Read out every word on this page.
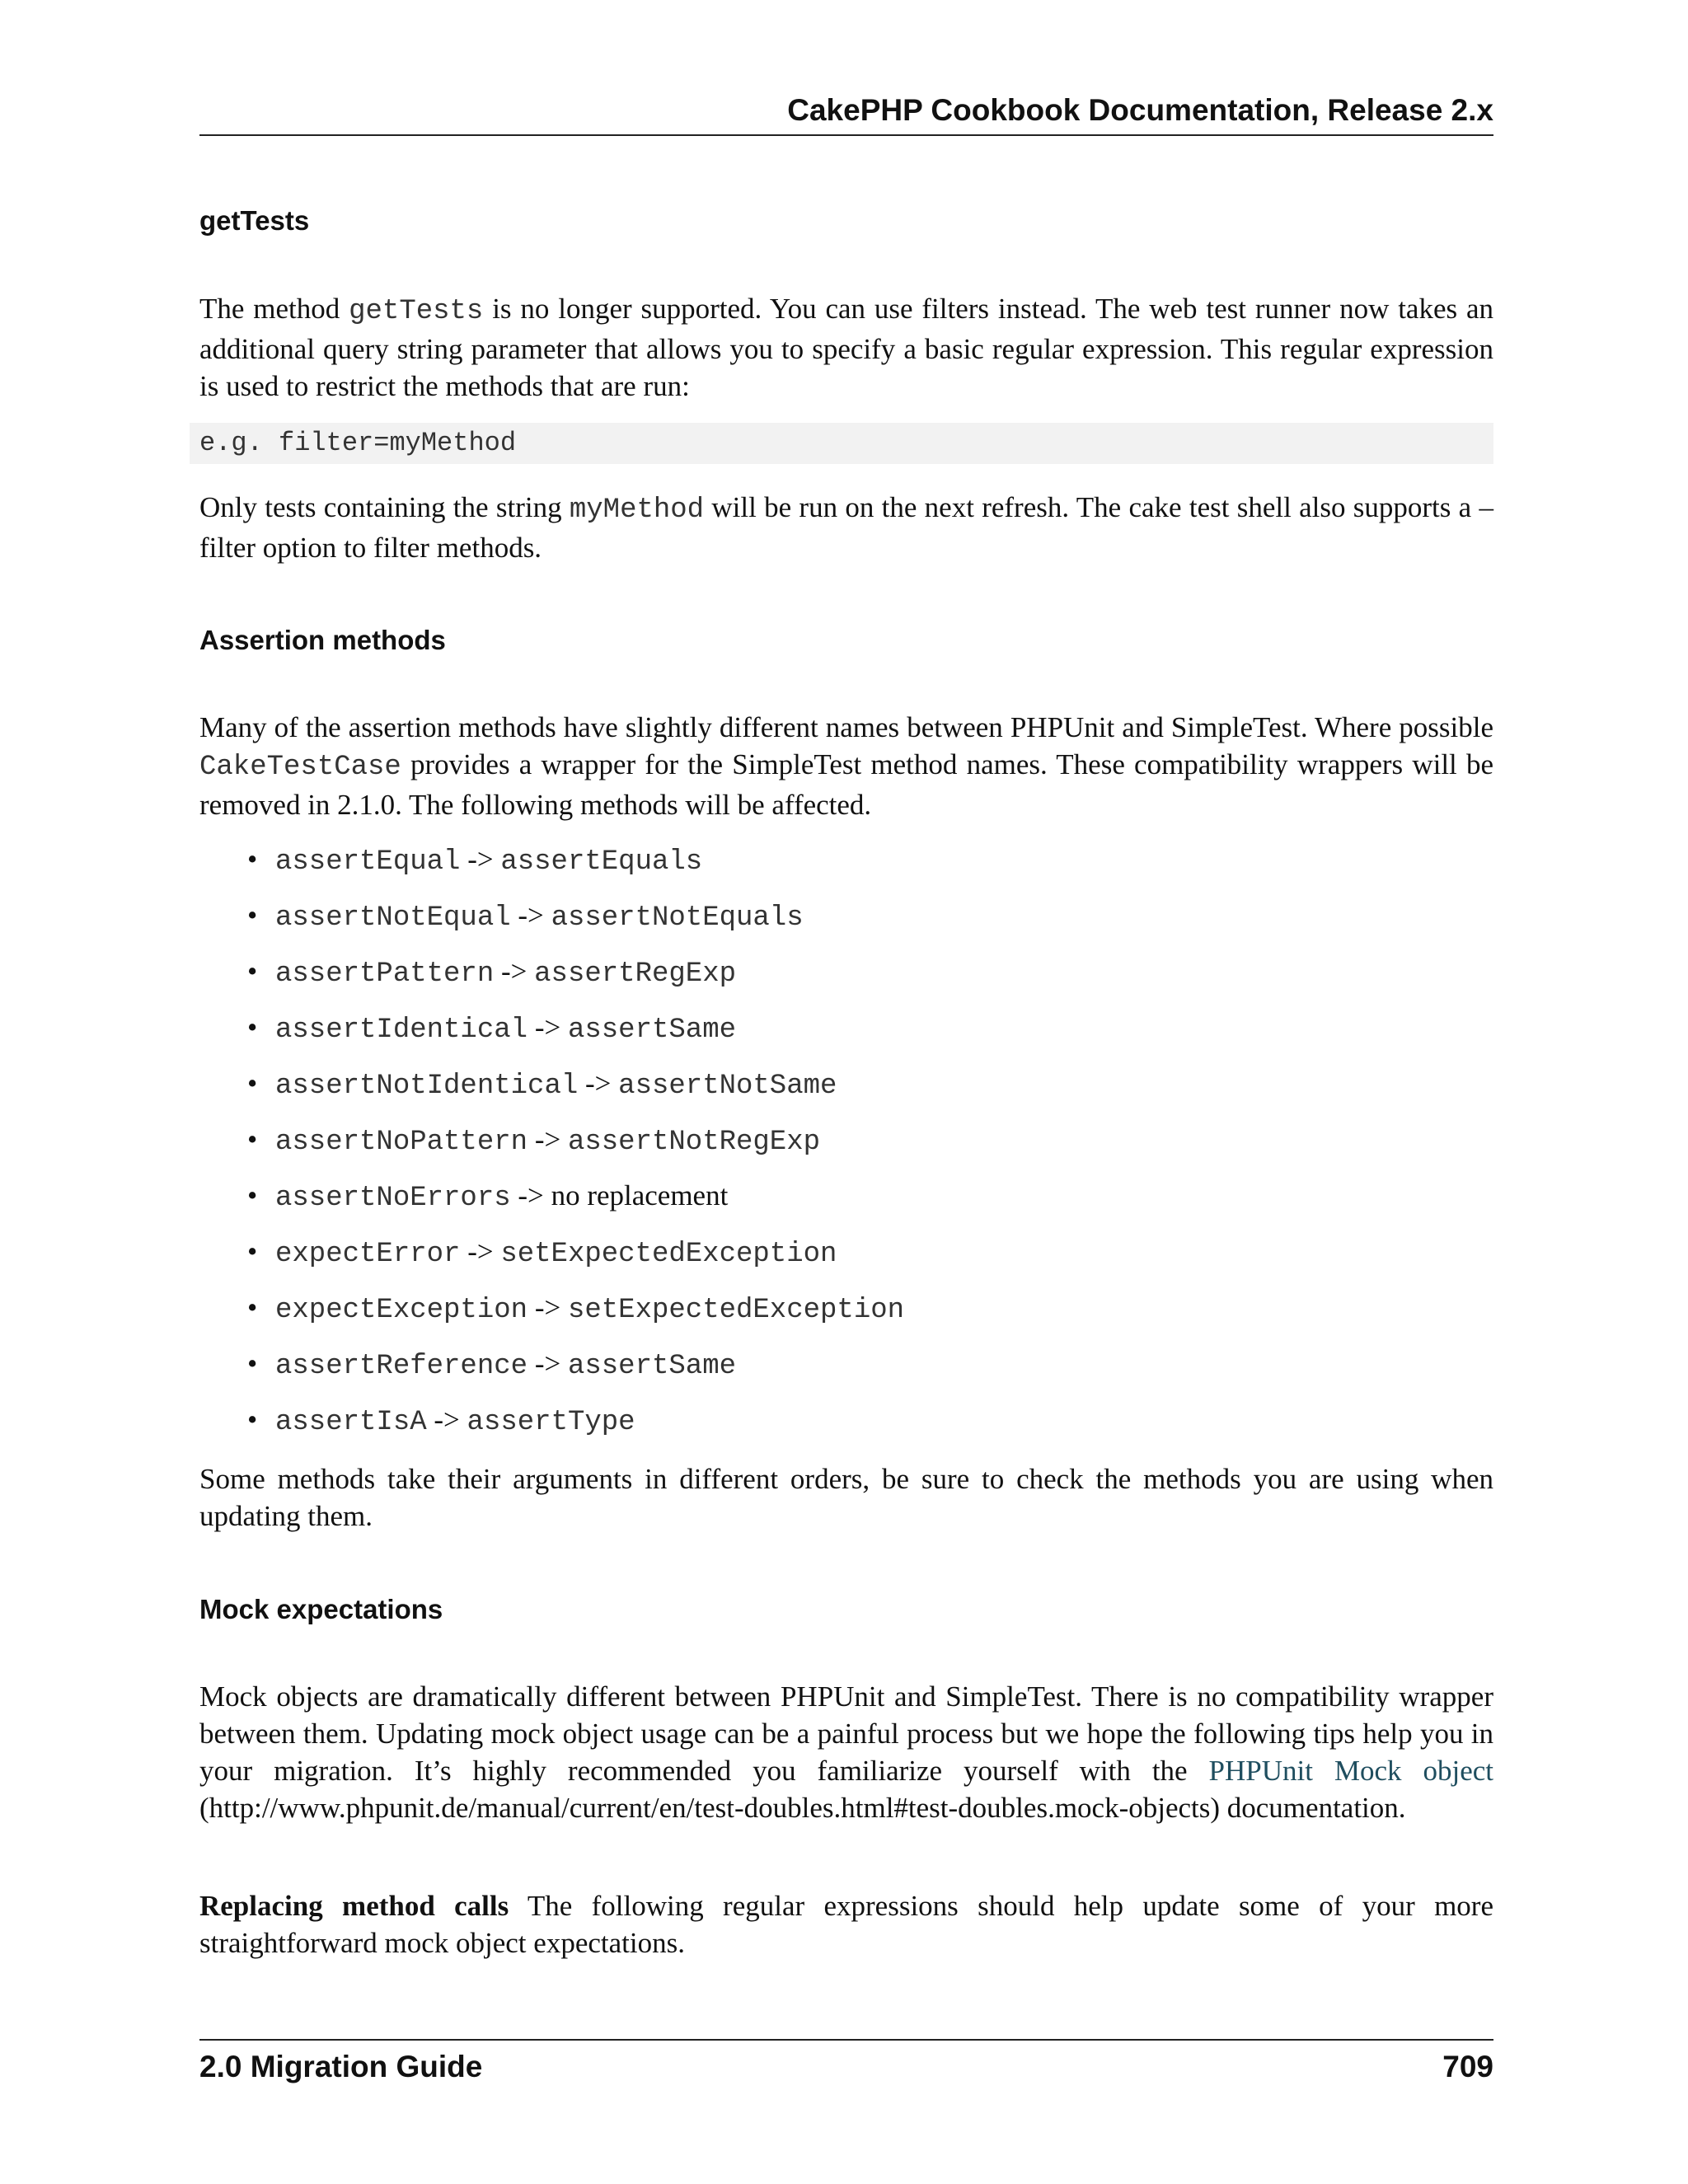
CakePHP Cookbook Documentation, Release 2.x
getTests

The method getTests is no longer supported. You can use filters instead. The web test runner now takes an additional query string parameter that allows you to specify a basic regular expression. This regular expression is used to restrict the methods that are run:

e.g. filter=myMethod

Only tests containing the string myMethod will be run on the next refresh. The cake test shell also supports a –filter option to filter methods.

Assertion methods

Many of the assertion methods have slightly different names between PHPUnit and SimpleTest. Where possible CakeTestCase provides a wrapper for the SimpleTest method names. These compatibility wrappers will be removed in 2.1.0. The following methods will be affected.

• assertEqual -> assertEquals
• assertNotEqual -> assertNotEquals
• assertPattern -> assertRegExp
• assertIdentical -> assertSame
• assertNotIdentical -> assertNotSame
• assertNoPattern -> assertNotRegExp
• assertNoErrors -> no replacement
• expectError -> setExpectedException
• expectException -> setExpectedException
• assertReference -> assertSame
• assertIsA -> assertType

Some methods take their arguments in different orders, be sure to check the methods you are using when updating them.

Mock expectations

Mock objects are dramatically different between PHPUnit and SimpleTest. There is no compatibility wrapper between them. Updating mock object usage can be a painful process but we hope the following tips help you in your migration. It’s highly recommended you familiarize yourself with the PHPUnit Mock object (http://www.phpunit.de/manual/current/en/test-doubles.html#test-doubles.mock-objects) documentation.

Replacing method calls The following regular expressions should help update some of your more straightforward mock object expectations.

2.0 Migration Guide	709
